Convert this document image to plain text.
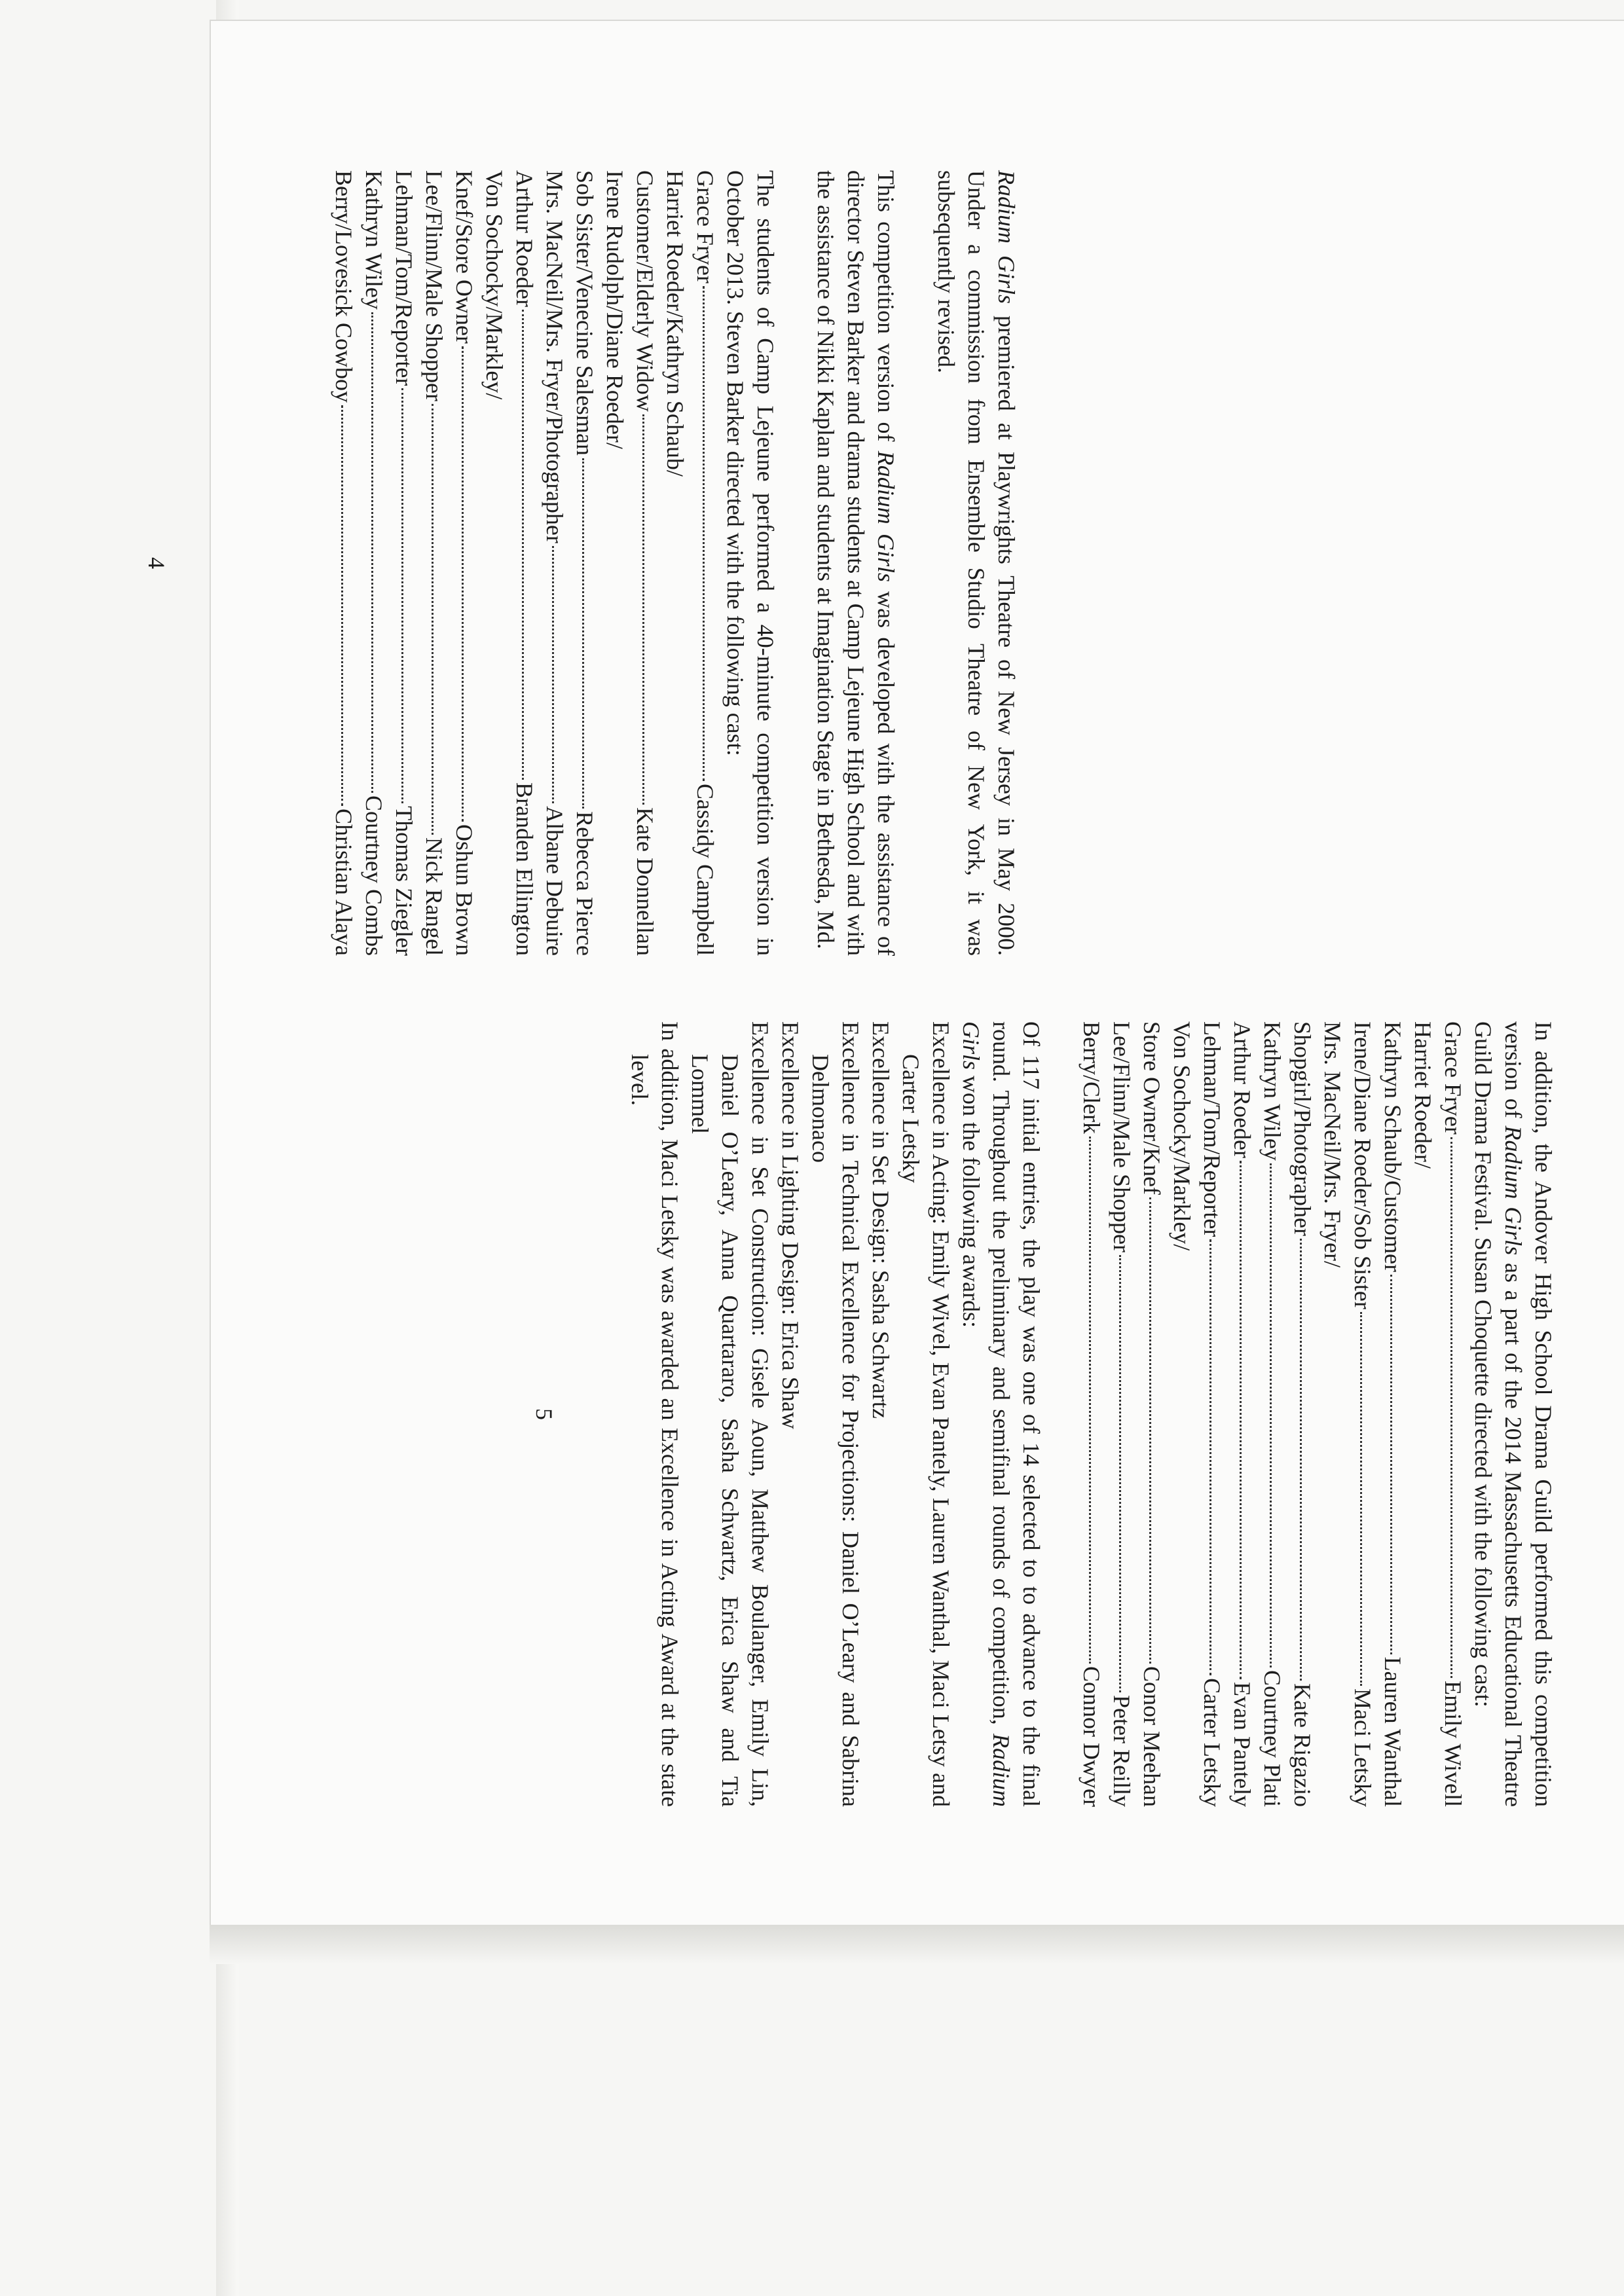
Radium Girls premiered at Playwrights Theatre of New Jersey in May 2000. Under a commission from Ensemble Studio Theatre of New York, it was subsequently revised.

This competition version of Radium Girls was developed with the assistance of director Steven Barker and drama students at Camp Lejeune High School and with the assistance of Nikki Kaplan and students at Imagination Stage in Bethesda, Md.

The students of Camp Lejeune performed a 40-minute competition version in October 2013. Steven Barker directed with the following cast:

Grace Fryer
Cassidy Campbell
Harriet Roeder/Kathryn Schaub/
Customer/Elderly Widow
Kate Donnellan
Irene Rudolph/Diane Roeder/
Sob Sister/Venecine Salesman
Rebecca Pierce
Mrs. MacNeil/Mrs. Fryer/Photographer
Albane Debuire
Arthur Roeder
Branden Ellington
Von Sochocky/Markley/
Knef/Store Owner
Oshun Brown
Lee/Flinn/Male Shopper
Nick Rangel
Lehman/Tom/Reporter
Thomas Ziegler
Kathryn Wiley
Courtney Combs
Berry/Lovesick Cowboy
Christian Alaya
4

In addition, the Andover High School Drama Guild performed this competition version of Radium Girls as a part of the 2014 Massachusetts Educational Theatre Guild Drama Festival. Susan Choquette directed with the following cast:

Grace Fryer
Emily Wivell
Harriet Roeder/
Kathryn Schaub/Customer
Lauren Wanthal
Irene/Diane Roeder/Sob Sister
Maci Letsky
Mrs. MacNeil/Mrs. Fryer/
Shopgirl/Photographer
Kate Rigazio
Kathryn Wiley
Courtney Plati
Arthur Roeder
Evan Pantely
Lehman/Tom/Reporter
Carter Letsky
Von Sochocky/Markley/
Store Owner/Knef
Conor Meehan
Lee/Flinn/Male Shopper
Peter Reilly
Berry/Clerk
Connor Dwyer

Of 117 initial entries, the play was one of 14 selected to to advance to the final round. Throughout the preliminary and semifinal rounds of competition, Radium Girls won the following awards:

Excellence in Acting: Emily Wivel, Evan Pantely, Lauren Wanthal, Maci Letsy and Carter Letsky

Excellence in Set Design: Sasha Schwartz

Excellence in Technical Excellence for Projections: Daniel O’Leary and Sabrina Delmonaco

Excellence in Lighting Design: Erica Shaw

Excellence in Set Construction: Gisele Aoun, Matthew Boulanger, Emily Lin, Daniel O’Leary, Anna Quartararo, Sasha Schwartz, Erica Shaw and Tia Lommel

In addition, Maci Letsky was awarded an Excellence in Acting Award at the state level.

5
